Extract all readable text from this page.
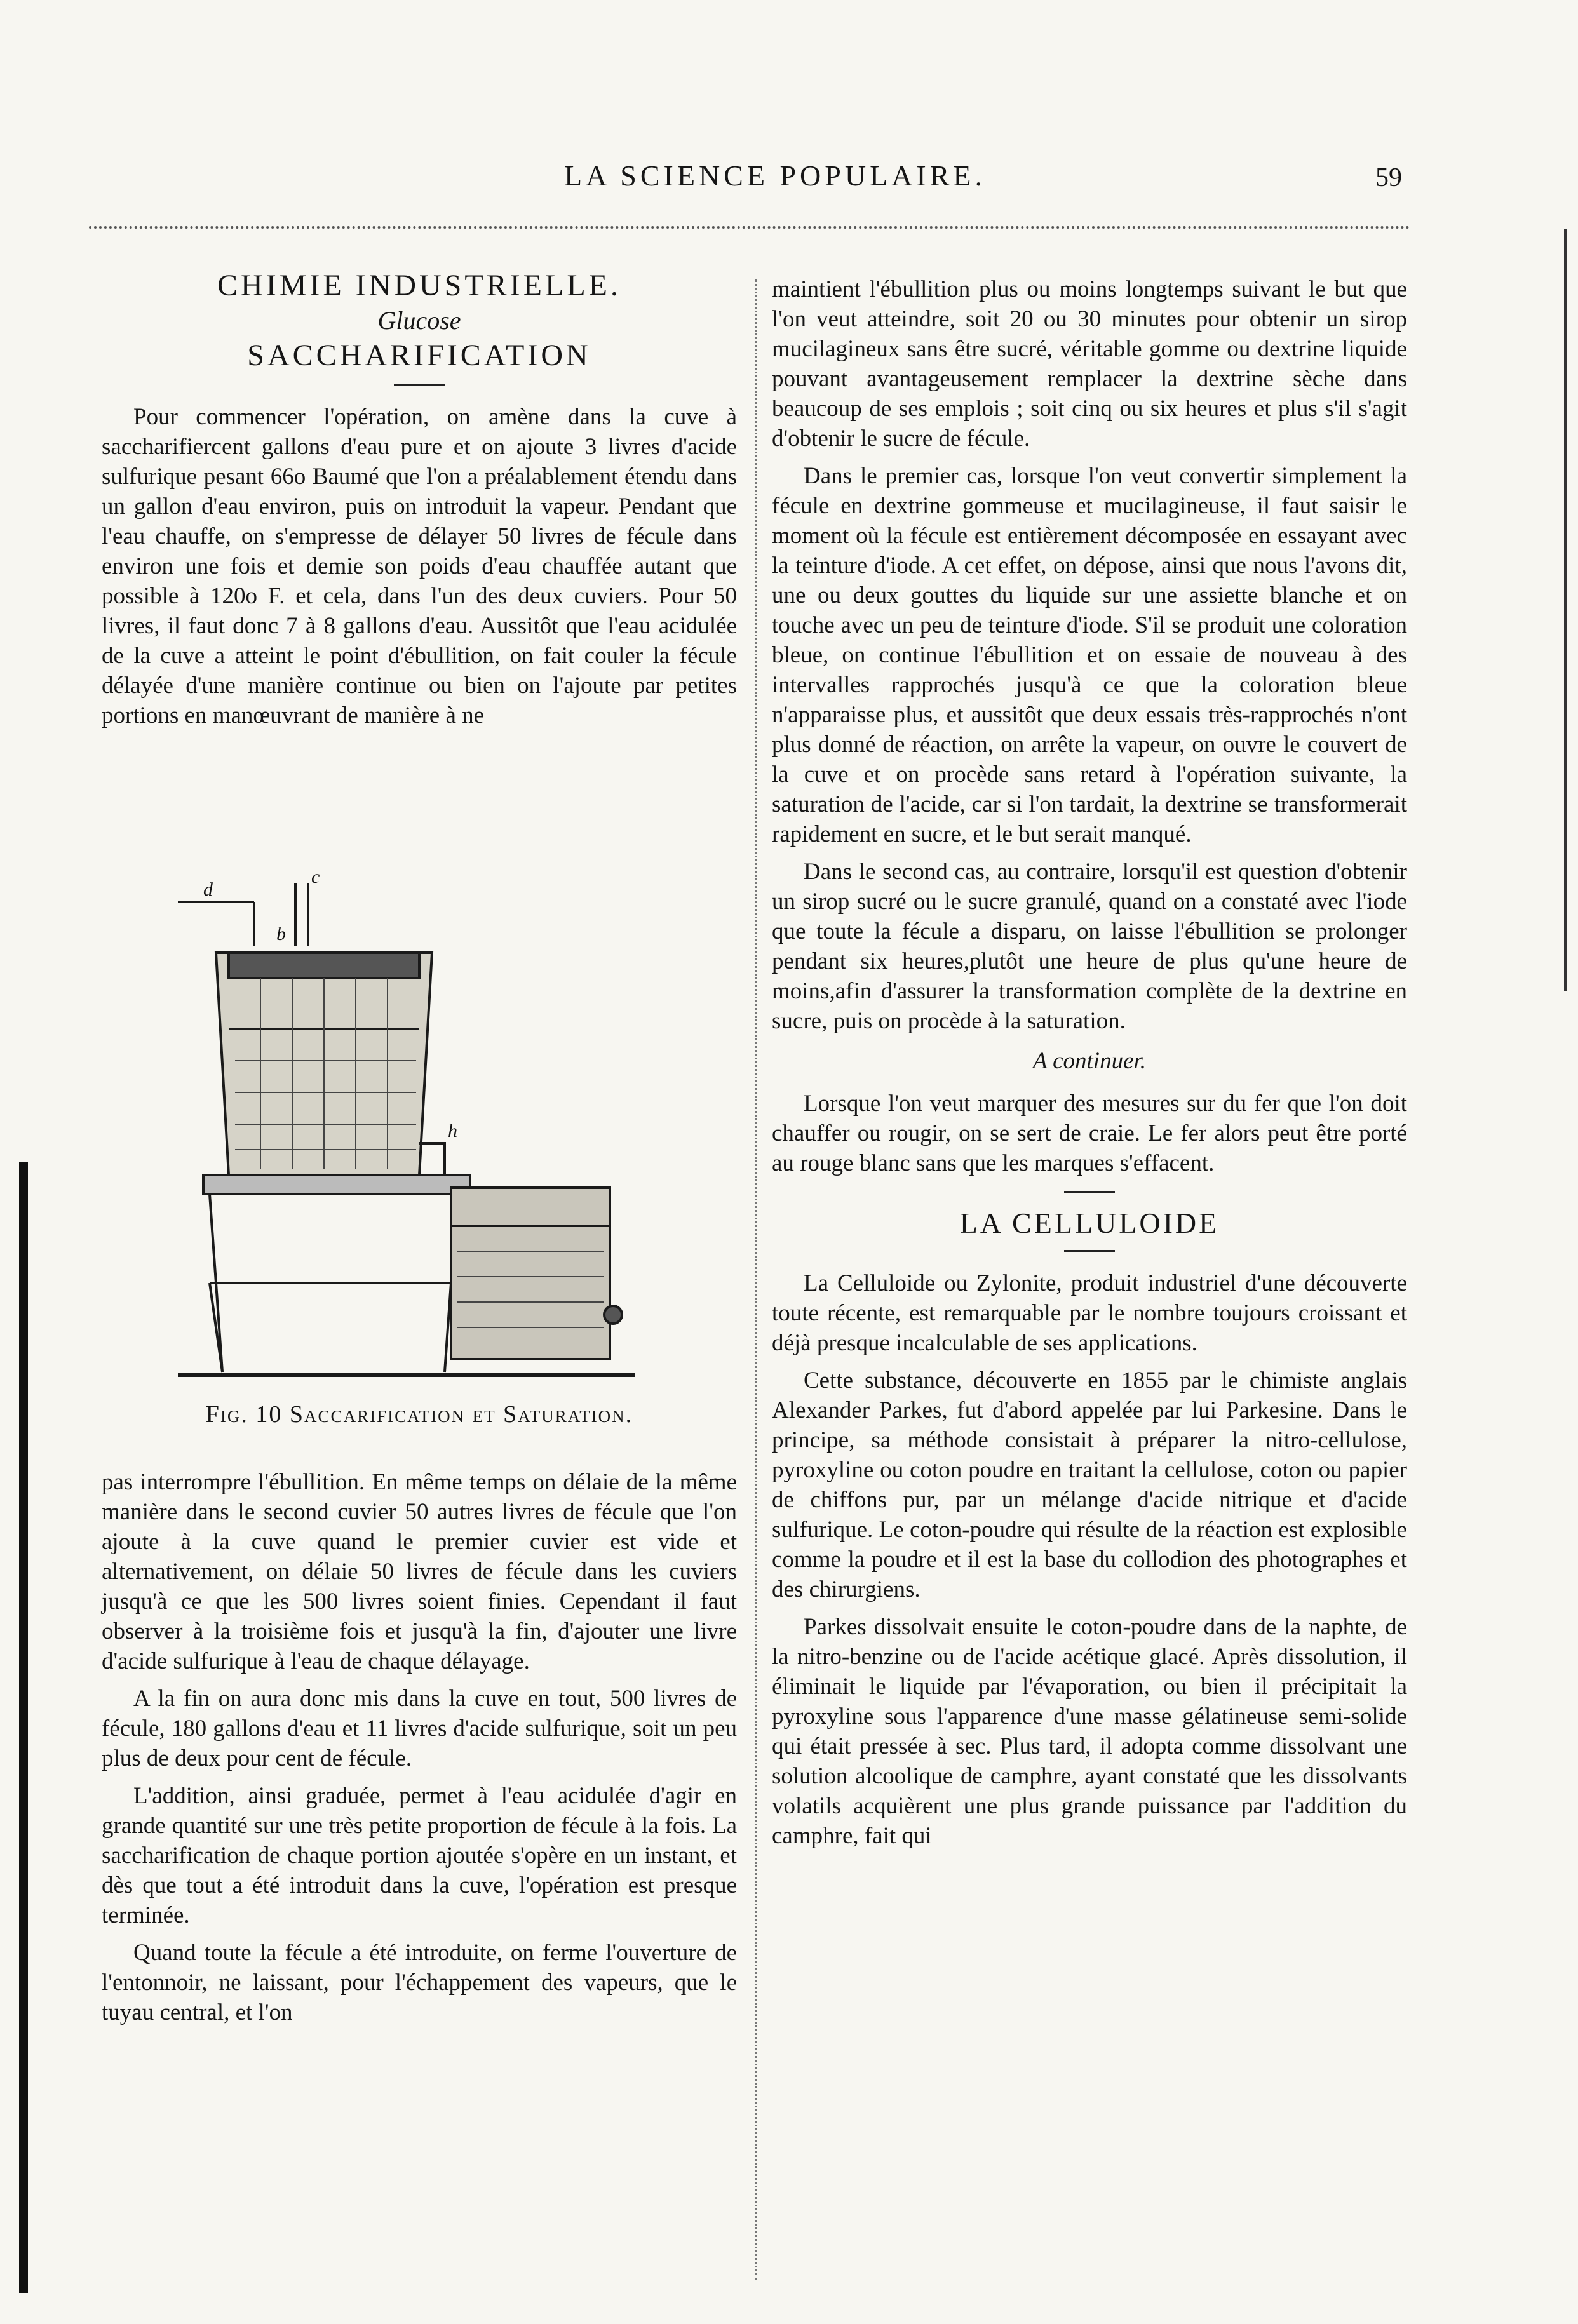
LA SCIENCE POPULAIRE.	59
CHIMIE INDUSTRIELLE.
Glucose
SACCHARIFICATION

Pour commencer l'opération, on amène dans la cuve à saccharifiercent gallons d'eau pure et on ajoute 3 livres d'acide sulfurique pesant 66o Baumé que l'on a préalablement étendu dans un gallon d'eau environ, puis on introduit la vapeur. Pendant que l'eau chauffe, on s'empresse de délayer 50 livres de fécule dans environ une fois et demie son poids d'eau chauffée autant que possible à 120o F. et cela, dans l'un des deux cuviers. Pour 50 livres, il faut donc 7 à 8 gallons d'eau. Aussitôt que l'eau acidulée de la cuve a atteint le point d'ébullition, on fait couler la fécule délayée d'une manière continue ou bien on l'ajoute par petites portions en manœuvrant de manière à ne

d
c
b
h
Fig. 10 Saccarification et Saturation.

pas interrompre l'ébullition. En même temps on délaie de la même manière dans le second cuvier 50 autres livres de fécule que l'on ajoute à la cuve quand le premier cuvier est vide et alternativement, on délaie 50 livres de fécule dans les cuviers jusqu'à ce que les 500 livres soient finies. Cependant il faut observer à la troisième fois et jusqu'à la fin, d'ajouter une livre d'acide sulfurique à l'eau de chaque délayage.

A la fin on aura donc mis dans la cuve en tout, 500 livres de fécule, 180 gallons d'eau et 11 livres d'acide sulfurique, soit un peu plus de deux pour cent de fécule.

L'addition, ainsi graduée, permet à l'eau acidulée d'agir en grande quantité sur une très petite proportion de fécule à la fois. La saccharification de chaque portion ajoutée s'opère en un instant, et dès que tout a été introduit dans la cuve, l'opération est presque terminée.

Quand toute la fécule a été introduite, on ferme l'ouverture de l'entonnoir, ne laissant, pour l'échappement des vapeurs, que le tuyau central, et l'on

maintient l'ébullition plus ou moins longtemps suivant le but que l'on veut atteindre, soit 20 ou 30 minutes pour obtenir un sirop mucilagineux sans être sucré, véritable gomme ou dextrine liquide pouvant avantageusement remplacer la dextrine sèche dans beaucoup de ses emplois ; soit cinq ou six heures et plus s'il s'agit d'obtenir le sucre de fécule.

Dans le premier cas, lorsque l'on veut convertir simplement la fécule en dextrine gommeuse et mucilagineuse, il faut saisir le moment où la fécule est entièrement décomposée en essayant avec la teinture d'iode. A cet effet, on dépose, ainsi que nous l'avons dit, une ou deux gouttes du liquide sur une assiette blanche et on touche avec un peu de teinture d'iode. S'il se produit une coloration bleue, on continue l'ébullition et on essaie de nouveau à des intervalles rapprochés jusqu'à ce que la coloration bleue n'apparaisse plus, et aussitôt que deux essais très-rapprochés n'ont plus donné de réaction, on arrête la vapeur, on ouvre le couvert de la cuve et on procède sans retard à l'opération suivante, la saturation de l'acide, car si l'on tardait, la dextrine se transformerait rapidement en sucre, et le but serait manqué.

Dans le second cas, au contraire, lorsqu'il est question d'obtenir un sirop sucré ou le sucre granulé, quand on a constaté avec l'iode que toute la fécule a disparu, on laisse l'ébullition se prolonger pendant six heures,plutôt une heure de plus qu'une heure de moins,afin d'assurer la transformation complète de la dextrine en sucre, puis on procède à la saturation.

A continuer.

Lorsque l'on veut marquer des mesures sur du fer que l'on doit chauffer ou rougir, on se sert de craie. Le fer alors peut être porté au rouge blanc sans que les marques s'effacent.

LA CELLULOIDE

La Celluloide ou Zylonite, produit industriel d'une découverte toute récente, est remarquable par le nombre toujours croissant et déjà presque incalculable de ses applications.

Cette substance, découverte en 1855 par le chimiste anglais Alexander Parkes, fut d'abord appelée par lui Parkesine. Dans le principe, sa méthode consistait à préparer la nitro-cellulose, pyroxyline ou coton poudre en traitant la cellulose, coton ou papier de chiffons pur, par un mélange d'acide nitrique et d'acide sulfurique. Le coton-poudre qui résulte de la réaction est explosible comme la poudre et il est la base du collodion des photographes et des chirurgiens.

Parkes dissolvait ensuite le coton-poudre dans de la naphte, de la nitro-benzine ou de l'acide acétique glacé. Après dissolution, il éliminait le liquide par l'évaporation, ou bien il précipitait la pyroxyline sous l'apparence d'une masse gélatineuse semi-solide qui était pressée à sec. Plus tard, il adopta comme dissolvant une solution alcoolique de camphre, ayant constaté que les dissolvants volatils acquièrent une plus grande puissance par l'addition du camphre, fait qui
